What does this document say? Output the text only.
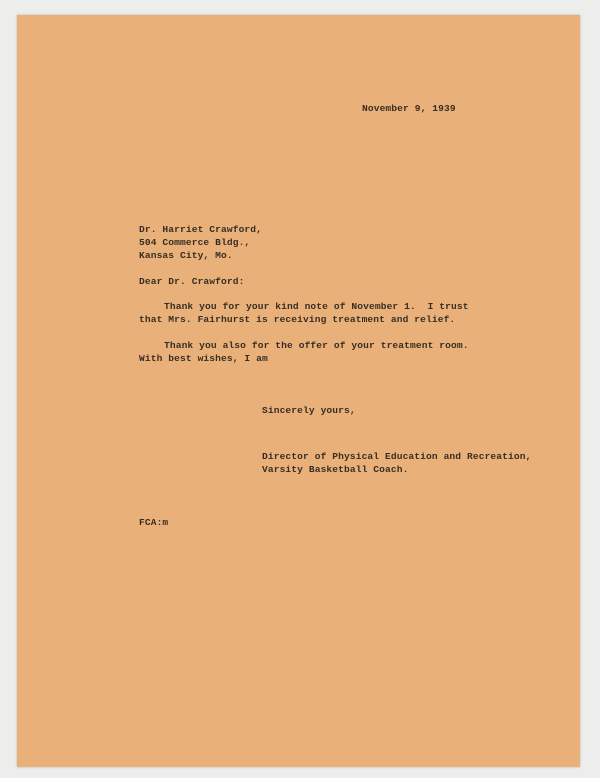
November 9, 1939
Dr. Harriet Crawford,
504 Commerce Bldg.,
Kansas City, Mo.
Dear Dr. Crawford:
Thank you for your kind note of November 1.  I trust
that Mrs. Fairhurst is receiving treatment and relief.
Thank you also for the offer of your treatment room.
With best wishes, I am
Sincerely yours,
Director of Physical Education and Recreation,
Varsity Basketball Coach.
FCA:m
